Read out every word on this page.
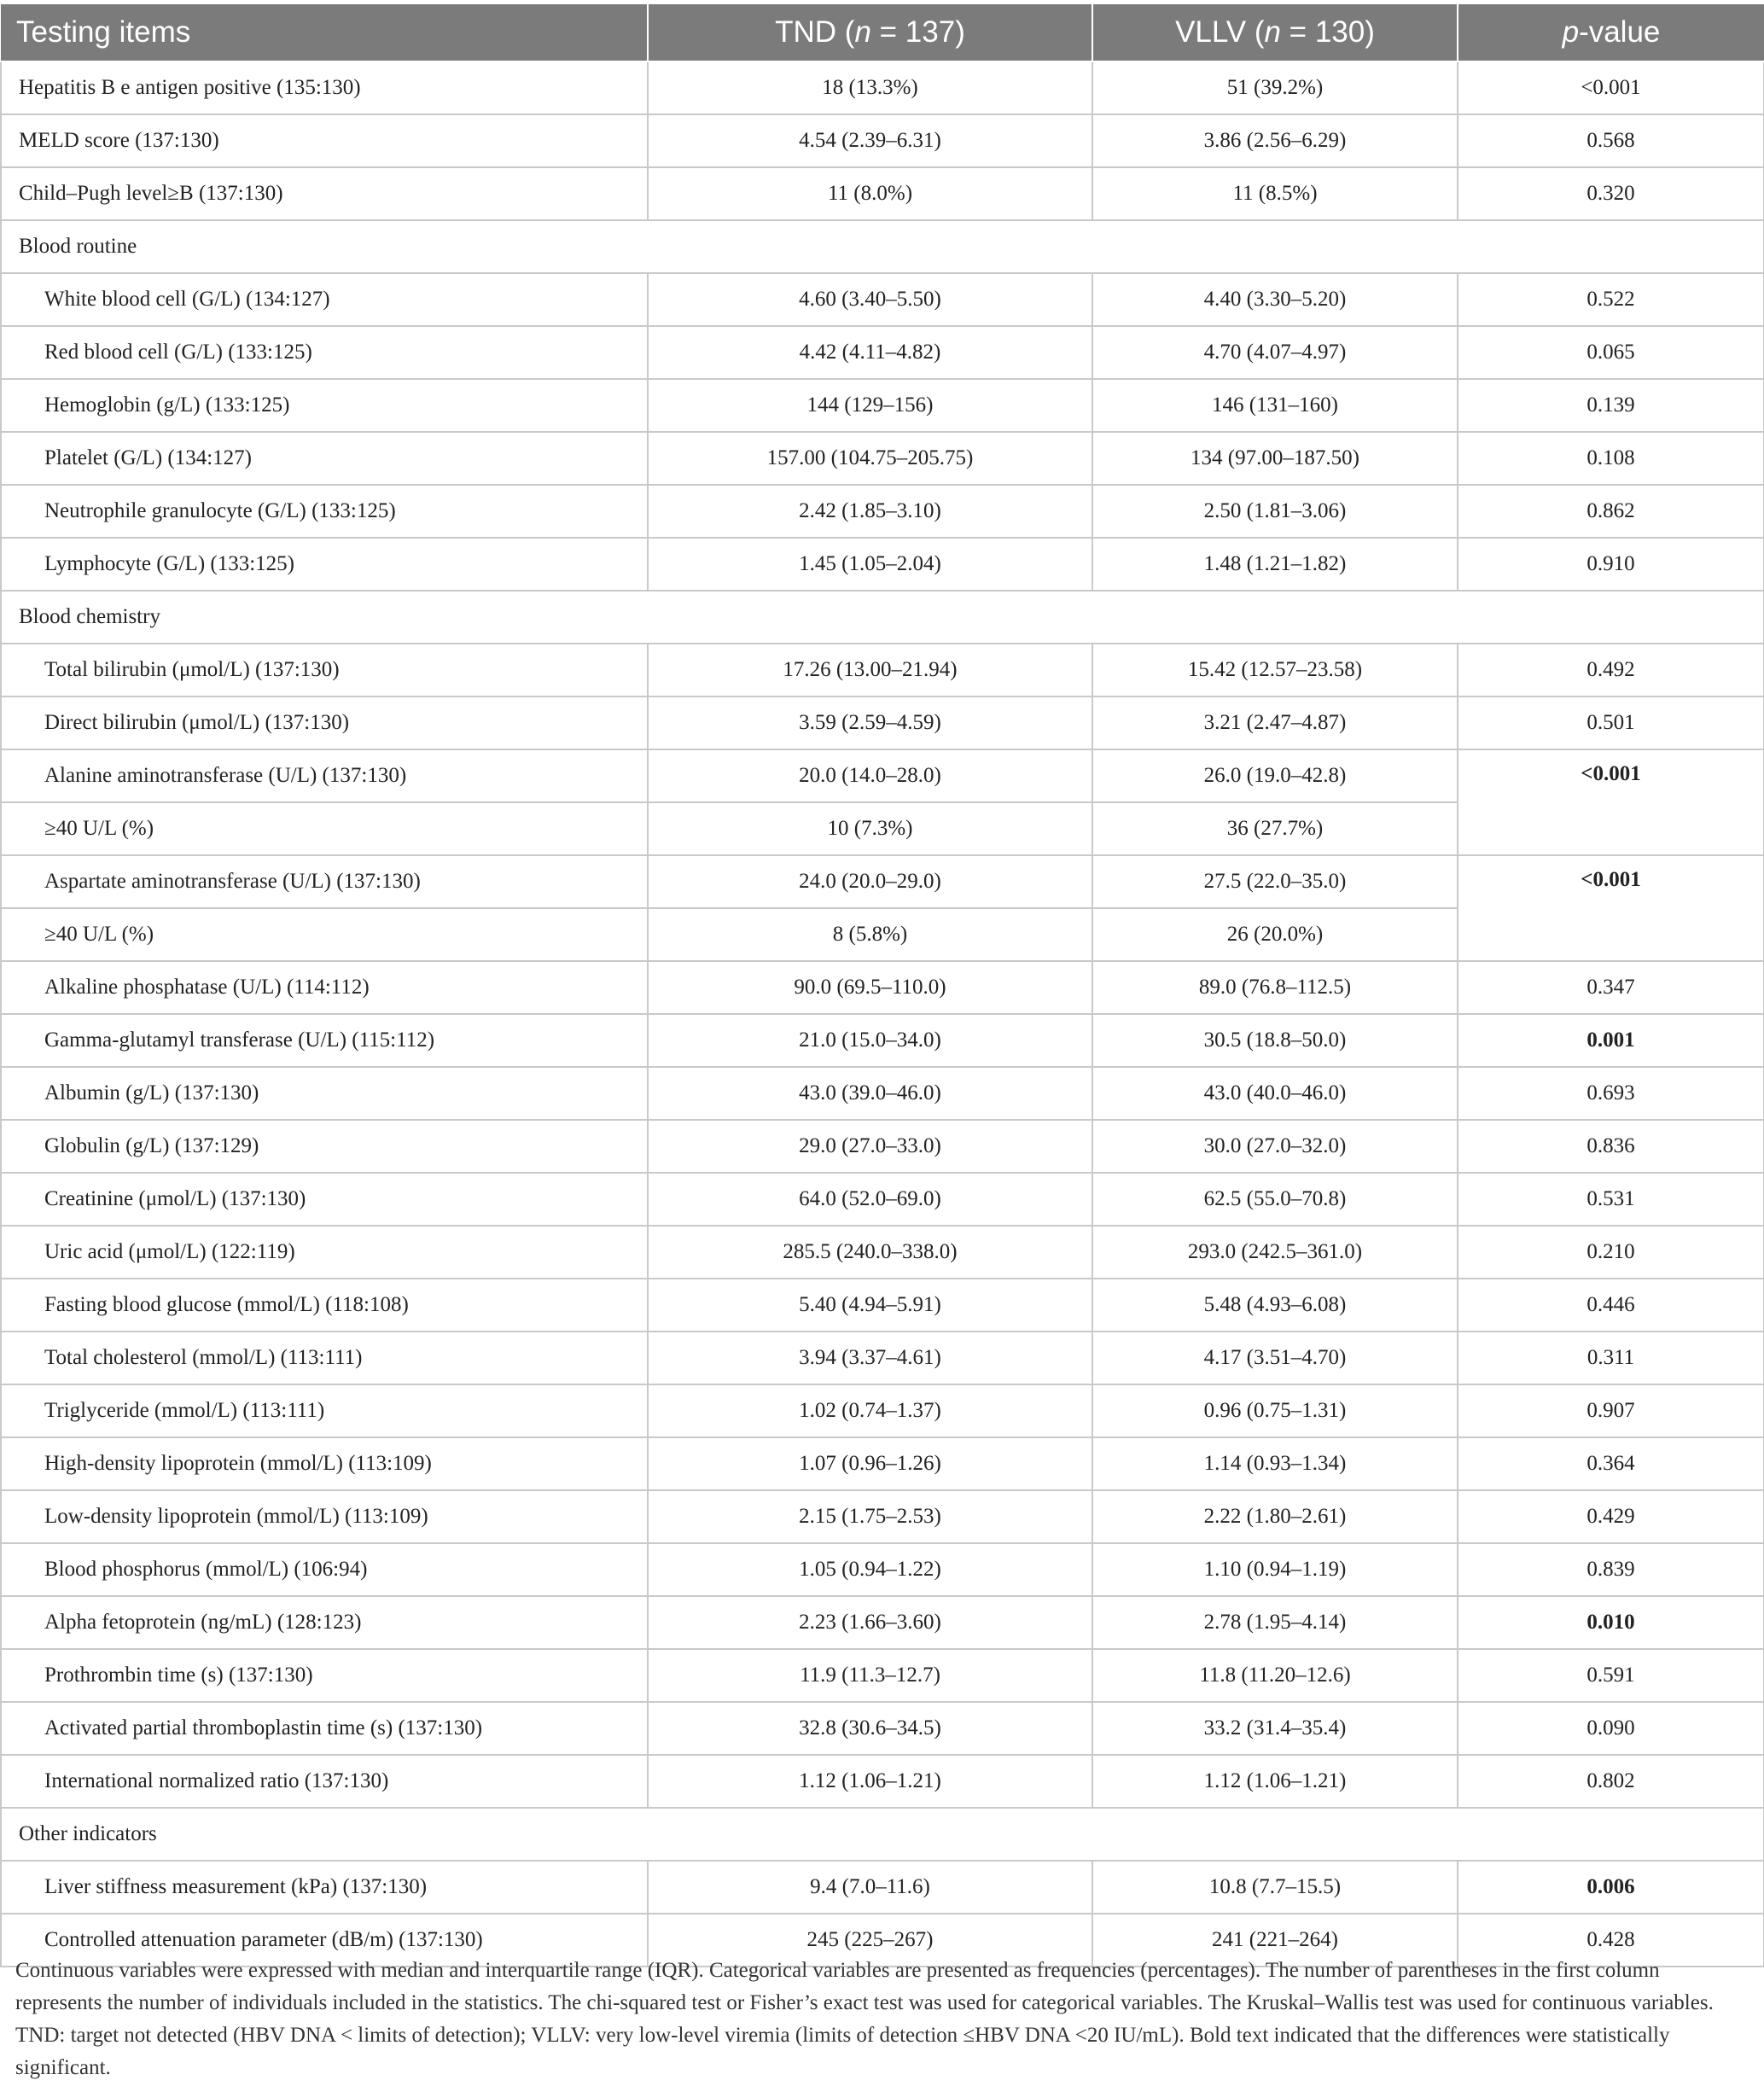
Testing items	TND (n = 137)	VLLV (n = 130)	p-value
Hepatitis B e antigen positive (135:130)	18 (13.3%)	51 (39.2%)	<0.001
MELD score (137:130)	4.54 (2.39–6.31)	3.86 (2.56–6.29)	0.568
Child–Pugh level≥B (137:130)	11 (8.0%)	11 (8.5%)	0.320
Blood routine			
White blood cell (G/L) (134:127)	4.60 (3.40–5.50)	4.40 (3.30–5.20)	0.522
Red blood cell (G/L) (133:125)	4.42 (4.11–4.82)	4.70 (4.07–4.97)	0.065
Hemoglobin (g/L) (133:125)	144 (129–156)	146 (131–160)	0.139
Platelet (G/L) (134:127)	157.00 (104.75–205.75)	134 (97.00–187.50)	0.108
Neutrophile granulocyte (G/L) (133:125)	2.42 (1.85–3.10)	2.50 (1.81–3.06)	0.862
Lymphocyte (G/L) (133:125)	1.45 (1.05–2.04)	1.48 (1.21–1.82)	0.910
Blood chemistry			
Total bilirubin (μmol/L) (137:130)	17.26 (13.00–21.94)	15.42 (12.57–23.58)	0.492
Direct bilirubin (μmol/L) (137:130)	3.59 (2.59–4.59)	3.21 (2.47–4.87)	0.501
Alanine aminotransferase (U/L) (137:130)	20.0 (14.0–28.0)	26.0 (19.0–42.8)	<0.001
≥40 U/L (%)	10 (7.3%)	36 (27.7%)	
Aspartate aminotransferase (U/L) (137:130)	24.0 (20.0–29.0)	27.5 (22.0–35.0)	<0.001
≥40 U/L (%)	8 (5.8%)	26 (20.0%)	
Alkaline phosphatase (U/L) (114:112)	90.0 (69.5–110.0)	89.0 (76.8–112.5)	0.347
Gamma-glutamyl transferase (U/L) (115:112)	21.0 (15.0–34.0)	30.5 (18.8–50.0)	0.001
Albumin (g/L) (137:130)	43.0 (39.0–46.0)	43.0 (40.0–46.0)	0.693
Globulin (g/L) (137:129)	29.0 (27.0–33.0)	30.0 (27.0–32.0)	0.836
Creatinine (μmol/L) (137:130)	64.0 (52.0–69.0)	62.5 (55.0–70.8)	0.531
Uric acid (μmol/L) (122:119)	285.5 (240.0–338.0)	293.0 (242.5–361.0)	0.210
Fasting blood glucose (mmol/L) (118:108)	5.40 (4.94–5.91)	5.48 (4.93–6.08)	0.446
Total cholesterol (mmol/L) (113:111)	3.94 (3.37–4.61)	4.17 (3.51–4.70)	0.311
Triglyceride (mmol/L) (113:111)	1.02 (0.74–1.37)	0.96 (0.75–1.31)	0.907
High-density lipoprotein (mmol/L) (113:109)	1.07 (0.96–1.26)	1.14 (0.93–1.34)	0.364
Low-density lipoprotein (mmol/L) (113:109)	2.15 (1.75–2.53)	2.22 (1.80–2.61)	0.429
Blood phosphorus (mmol/L) (106:94)	1.05 (0.94–1.22)	1.10 (0.94–1.19)	0.839
Alpha fetoprotein (ng/mL) (128:123)	2.23 (1.66–3.60)	2.78 (1.95–4.14)	0.010
Prothrombin time (s) (137:130)	11.9 (11.3–12.7)	11.8 (11.20–12.6)	0.591
Activated partial thromboplastin time (s) (137:130)	32.8 (30.6–34.5)	33.2 (31.4–35.4)	0.090
International normalized ratio (137:130)	1.12 (1.06–1.21)	1.12 (1.06–1.21)	0.802
Other indicators			
Liver stiffness measurement (kPa) (137:130)	9.4 (7.0–11.6)	10.8 (7.7–15.5)	0.006
Controlled attenuation parameter (dB/m) (137:130)	245 (225–267)	241 (221–264)	0.428
Continuous variables were expressed with median and interquartile range (IQR). Categorical variables are presented as frequencies (percentages). The number of parentheses in the first column represents the number of individuals included in the statistics. The chi-squared test or Fisher’s exact test was used for categorical variables. The Kruskal–Wallis test was used for continuous variables. TND: target not detected (HBV DNA < limits of detection); VLLV: very low-level viremia (limits of detection ≤HBV DNA <20 IU/mL). Bold text indicated that the differences were statistically significant.
